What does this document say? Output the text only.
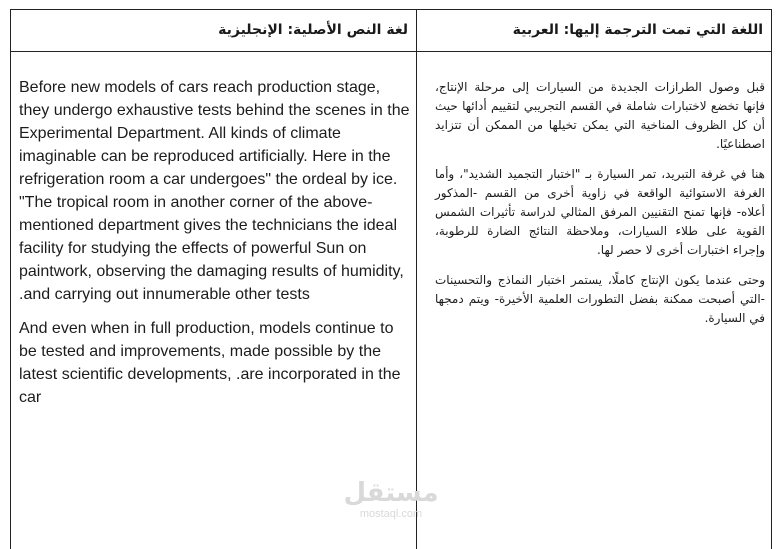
لغة النص الأصلية: الإنجليزية	اللغة التي تمت الترجمة إليها: العربية

Before new models of cars reach production stage, they undergo exhaustive tests behind the scenes in the Experimental Department. All kinds of climate imaginable can be reproduced artificially. Here in the refrigeration room a car undergoes" the ordeal by ice. "The tropical room in another corner of the above-mentioned department gives the technicians the ideal facility for studying the effects of powerful Sun on paintwork, observing the damaging results of humidity, .and carrying out innumerable other tests

And even when in full production, models continue to be tested and improvements, made possible by the latest scientific developments, .are incorporated in the car

قبل وصول الطرازات الجديدة من السيارات إلى مرحلة الإنتاج، فإنها تخضع لاختبارات شاملة في القسم التجريبي لتقييم أدائها حيث أن كل الظروف المناخية التي يمكن تخيلها من الممكن أن تتزايد اصطناعيًا.

هنا في غرفة التبريد، تمر السيارة بـ "اختبار التجميد الشديد"، وأما الغرفة الاستوائية الواقعة في زاوية أخرى من القسم -المذكور أعلاه- فإنها تمنح التقنيين المرفق المثالي لدراسة تأثيرات الشمس القوية على طلاء السيارات، وملاحظة النتائج الضارة للرطوبة، وإجراء اختبارات أخرى لا حصر لها.

وحتى عندما يكون الإنتاج كاملًا، يستمر اختبار النماذج والتحسينات -التي أصبحت ممكنة بفضل التطورات العلمية الأخيرة- ويتم دمجها في السيارة.

مستقل
mostaql.com
